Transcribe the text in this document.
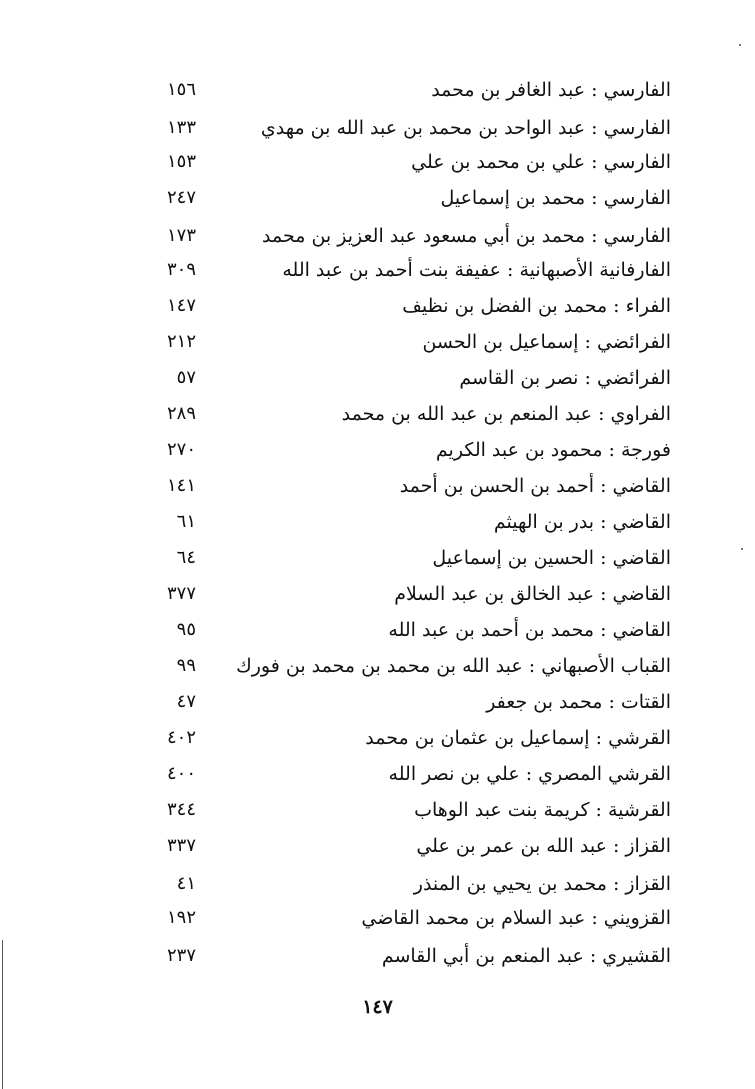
الفارسي : عبد الغافر بن محمد
١٥٦
الفارسي : عبد الواحد بن محمد بن عبد الله بن مهدي
١٣٣
الفارسي : علي بن محمد بن علي
١٥٣
الفارسي : محمد بن إسماعيل
٢٤٧
الفارسي : محمد بن أبي مسعود عبد العزيز بن محمد
١٧٣
الفارفانية الأصبهانية : عفيفة بنت أحمد بن عبد الله
٣٠٩
الفراء : محمد بن الفضل بن نظيف
١٤٧
الفرائضي : إسماعيل بن الحسن
٢١٢
الفرائضي : نصر بن القاسم
٥٧
الفراوي : عبد المنعم بن عبد الله بن محمد
٢٨٩
فورجة : محمود بن عبد الكريم
٢٧٠
القاضي : أحمد بن الحسن بن أحمد
١٤١
القاضي : بدر بن الهيثم
٦١
القاضي : الحسين بن إسماعيل
٦٤
القاضي : عبد الخالق بن عبد السلام
٣٧٧
القاضي : محمد بن أحمد بن عبد الله
٩٥
القباب الأصبهاني : عبد الله بن محمد بن محمد بن فورك
٩٩
القتات : محمد بن جعفر
٤٧
القرشي : إسماعيل بن عثمان بن محمد
٤٠٢
القرشي المصري : علي بن نصر الله
٤٠٠
القرشية : كريمة بنت عبد الوهاب
٣٤٤
القزاز : عبد الله بن عمر بن علي
٣٣٧
القزاز : محمد بن يحيي بن المنذر
٤١
القزويني : عبد السلام بن محمد القاضي
١٩٢
القشيري : عبد المنعم بن أبي القاسم
٢٣٧
١٤٧
